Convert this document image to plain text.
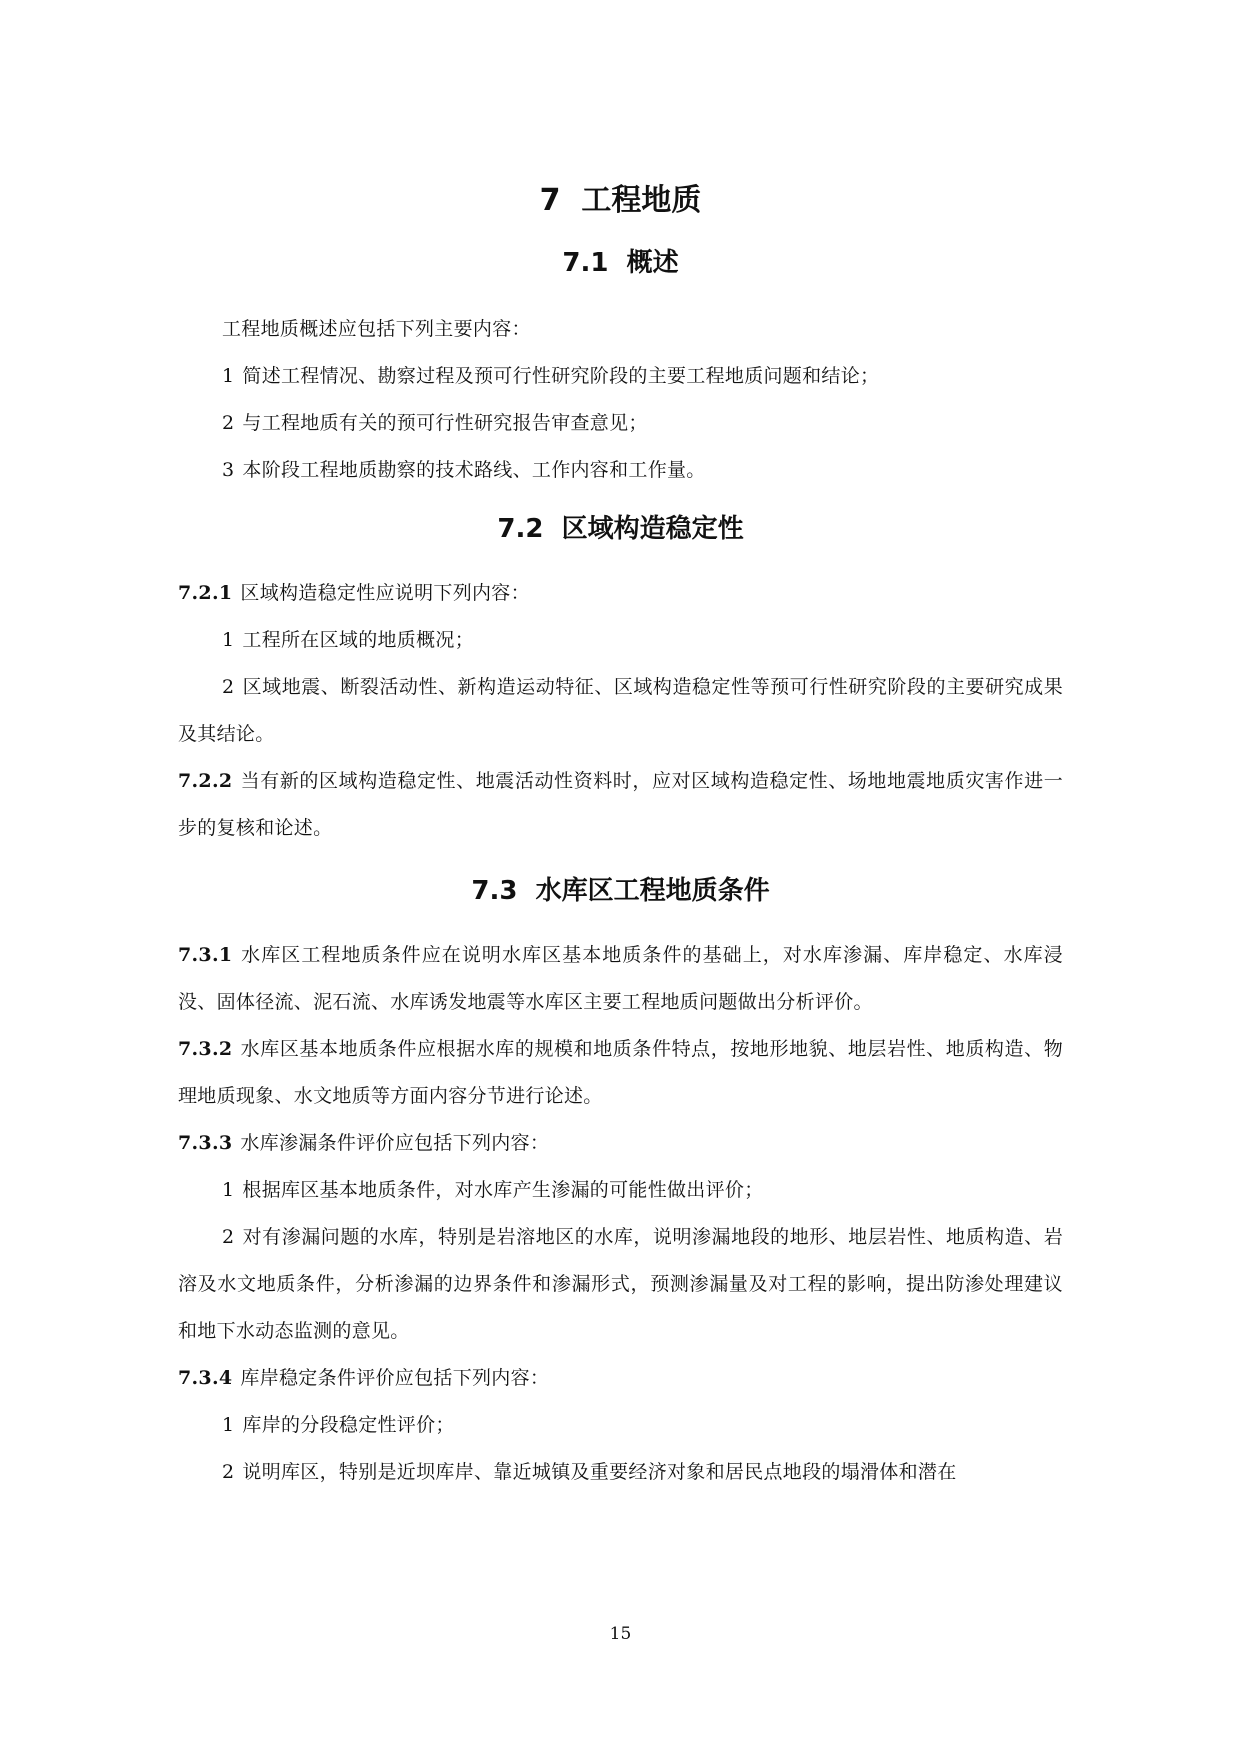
7 工程地质
7.1 概述

工程地质概述应包括下列主要内容：

1 简述工程情况、勘察过程及预可行性研究阶段的主要工程地质问题和结论；

2 与工程地质有关的预可行性研究报告审查意见；

3 本阶段工程地质勘察的技术路线、工作内容和工作量。

7.2 区域构造稳定性

7.2.1 区域构造稳定性应说明下列内容：

1 工程所在区域的地质概况；

2 区域地震、断裂活动性、新构造运动特征、区域构造稳定性等预可行性研究阶段的主要研究成果及其结论。

7.2.2 当有新的区域构造稳定性、地震活动性资料时，应对区域构造稳定性、场地地震地质灾害作进一步的复核和论述。

7.3 水库区工程地质条件

7.3.1 水库区工程地质条件应在说明水库区基本地质条件的基础上，对水库渗漏、库岸稳定、水库浸没、固体径流、泥石流、水库诱发地震等水库区主要工程地质问题做出分析评价。

7.3.2 水库区基本地质条件应根据水库的规模和地质条件特点，按地形地貌、地层岩性、地质构造、物理地质现象、水文地质等方面内容分节进行论述。

7.3.3 水库渗漏条件评价应包括下列内容：

1 根据库区基本地质条件，对水库产生渗漏的可能性做出评价；

2 对有渗漏问题的水库，特别是岩溶地区的水库，说明渗漏地段的地形、地层岩性、地质构造、岩溶及水文地质条件，分析渗漏的边界条件和渗漏形式，预测渗漏量及对工程的影响，提出防渗处理建议和地下水动态监测的意见。

7.3.4 库岸稳定条件评价应包括下列内容：

1 库岸的分段稳定性评价；

2 说明库区，特别是近坝库岸、靠近城镇及重要经济对象和居民点地段的塌滑体和潜在

15
